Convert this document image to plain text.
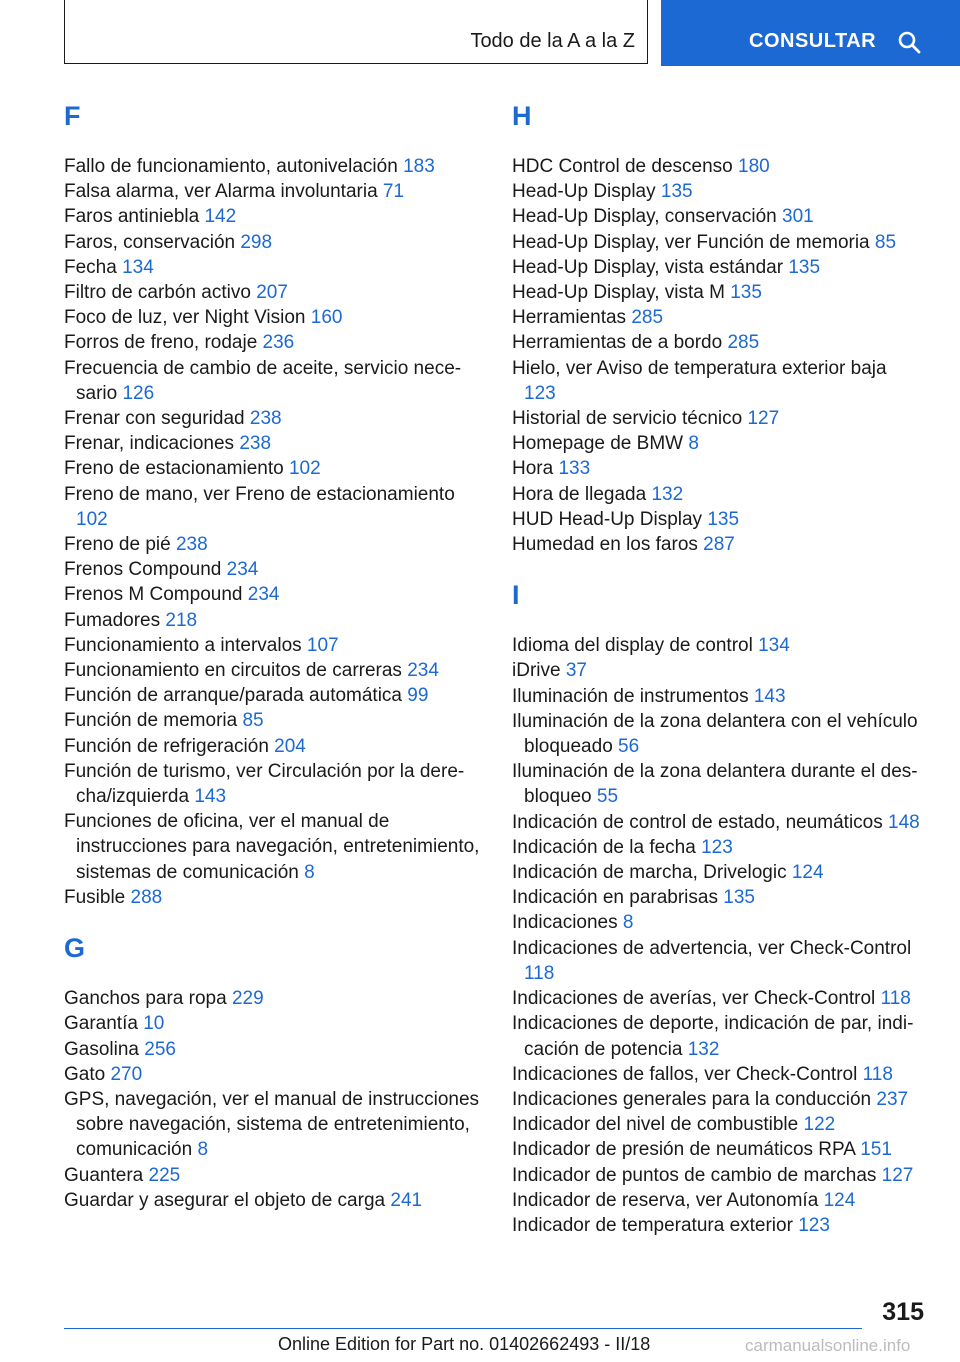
Todo de la A a la Z	CONSULTAR
F
Fallo de funcionamiento, autonivelación 183
Falsa alarma, ver Alarma involuntaria 71
Faros antiniebla 142
Faros, conservación 298
Fecha 134
Filtro de carbón activo 207
Foco de luz, ver Night Vision 160
Forros de freno, rodaje 236
Frecuencia de cambio de aceite, servicio necesario 126
Frenar con seguridad 238
Frenar, indicaciones 238
Freno de estacionamiento 102
Freno de mano, ver Freno de estacionamiento 102
Freno de pié 238
Frenos Compound 234
Frenos M Compound 234
Fumadores 218
Funcionamiento a intervalos 107
Funcionamiento en circuitos de carreras 234
Función de arranque/parada automática 99
Función de memoria 85
Función de refrigeración 204
Función de turismo, ver Circulación por la derecha/izquierda 143
Funciones de oficina, ver el manual de instrucciones para navegación, entretenimiento, sistemas de comunicación 8
Fusible 288
G
Ganchos para ropa 229
Garantía 10
Gasolina 256
Gato 270
GPS, navegación, ver el manual de instrucciones sobre navegación, sistema de entretenimiento, comunicación 8
Guantera 225
Guardar y asegurar el objeto de carga 241
H
HDC Control de descenso 180
Head-Up Display 135
Head-Up Display, conservación 301
Head-Up Display, ver Función de memoria 85
Head-Up Display, vista estándar 135
Head-Up Display, vista M 135
Herramientas 285
Herramientas de a bordo 285
Hielo, ver Aviso de temperatura exterior baja 123
Historial de servicio técnico 127
Homepage de BMW 8
Hora 133
Hora de llegada 132
HUD Head-Up Display 135
Humedad en los faros 287
I
Idioma del display de control 134
iDrive 37
Iluminación de instrumentos 143
Iluminación de la zona delantera con el vehículo bloqueado 56
Iluminación de la zona delantera durante el desbloqueo 55
Indicación de control de estado, neumáticos 148
Indicación de la fecha 123
Indicación de marcha, Drivelogic 124
Indicación en parabrisas 135
Indicaciones 8
Indicaciones de advertencia, ver Check-Control 118
Indicaciones de averías, ver Check-Control 118
Indicaciones de deporte, indicación de par, indicación de potencia 132
Indicaciones de fallos, ver Check-Control 118
Indicaciones generales para la conducción 237
Indicador del nivel de combustible 122
Indicador de presión de neumáticos RPA 151
Indicador de puntos de cambio de marchas 127
Indicador de reserva, ver Autonomía 124
Indicador de temperatura exterior 123
315
Online Edition for Part no. 01402662493 - II/18	carmanualsonline.info
